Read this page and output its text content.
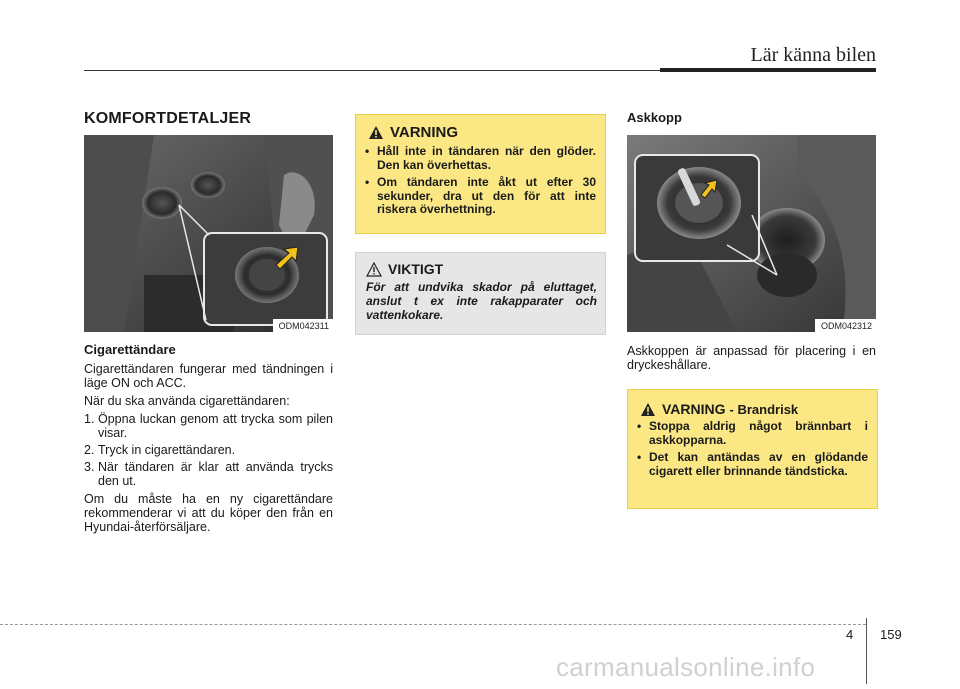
Lär känna bilen
KOMFORTDETALJER
ODM042311
Cigarettändare

Cigarettändaren fungerar med tändningen i läge ON och ACC.

När du ska använda cigarettändaren:

1. Öppna luckan genom att trycka som pilen visar.
2. Tryck in cigarettändaren.
3. När tändaren är klar att använda trycks den ut.

Om du måste ha en ny cigarettändare rekommenderar vi att du köper den från en Hyundai-återförsäljare.

VARNING
• Håll inte in tändaren när den glöder. Den kan överhettas.
• Om tändaren inte åkt ut efter 30 sekunder, dra ut den för att inte riskera överhettning.
VIKTIGT
För att undvika skador på eluttaget, anslut t ex inte rakapparater och vattenkokare.
Askkopp
ODM042312

Askkoppen är anpassad för placering i en dryckeshållare.

VARNING - Brandrisk
• Stoppa aldrig något brännbart i askkopparna.
• Det kan antändas av en glödande cigarett eller brinnande tändsticka.
4 159
carmanualsonline.info
